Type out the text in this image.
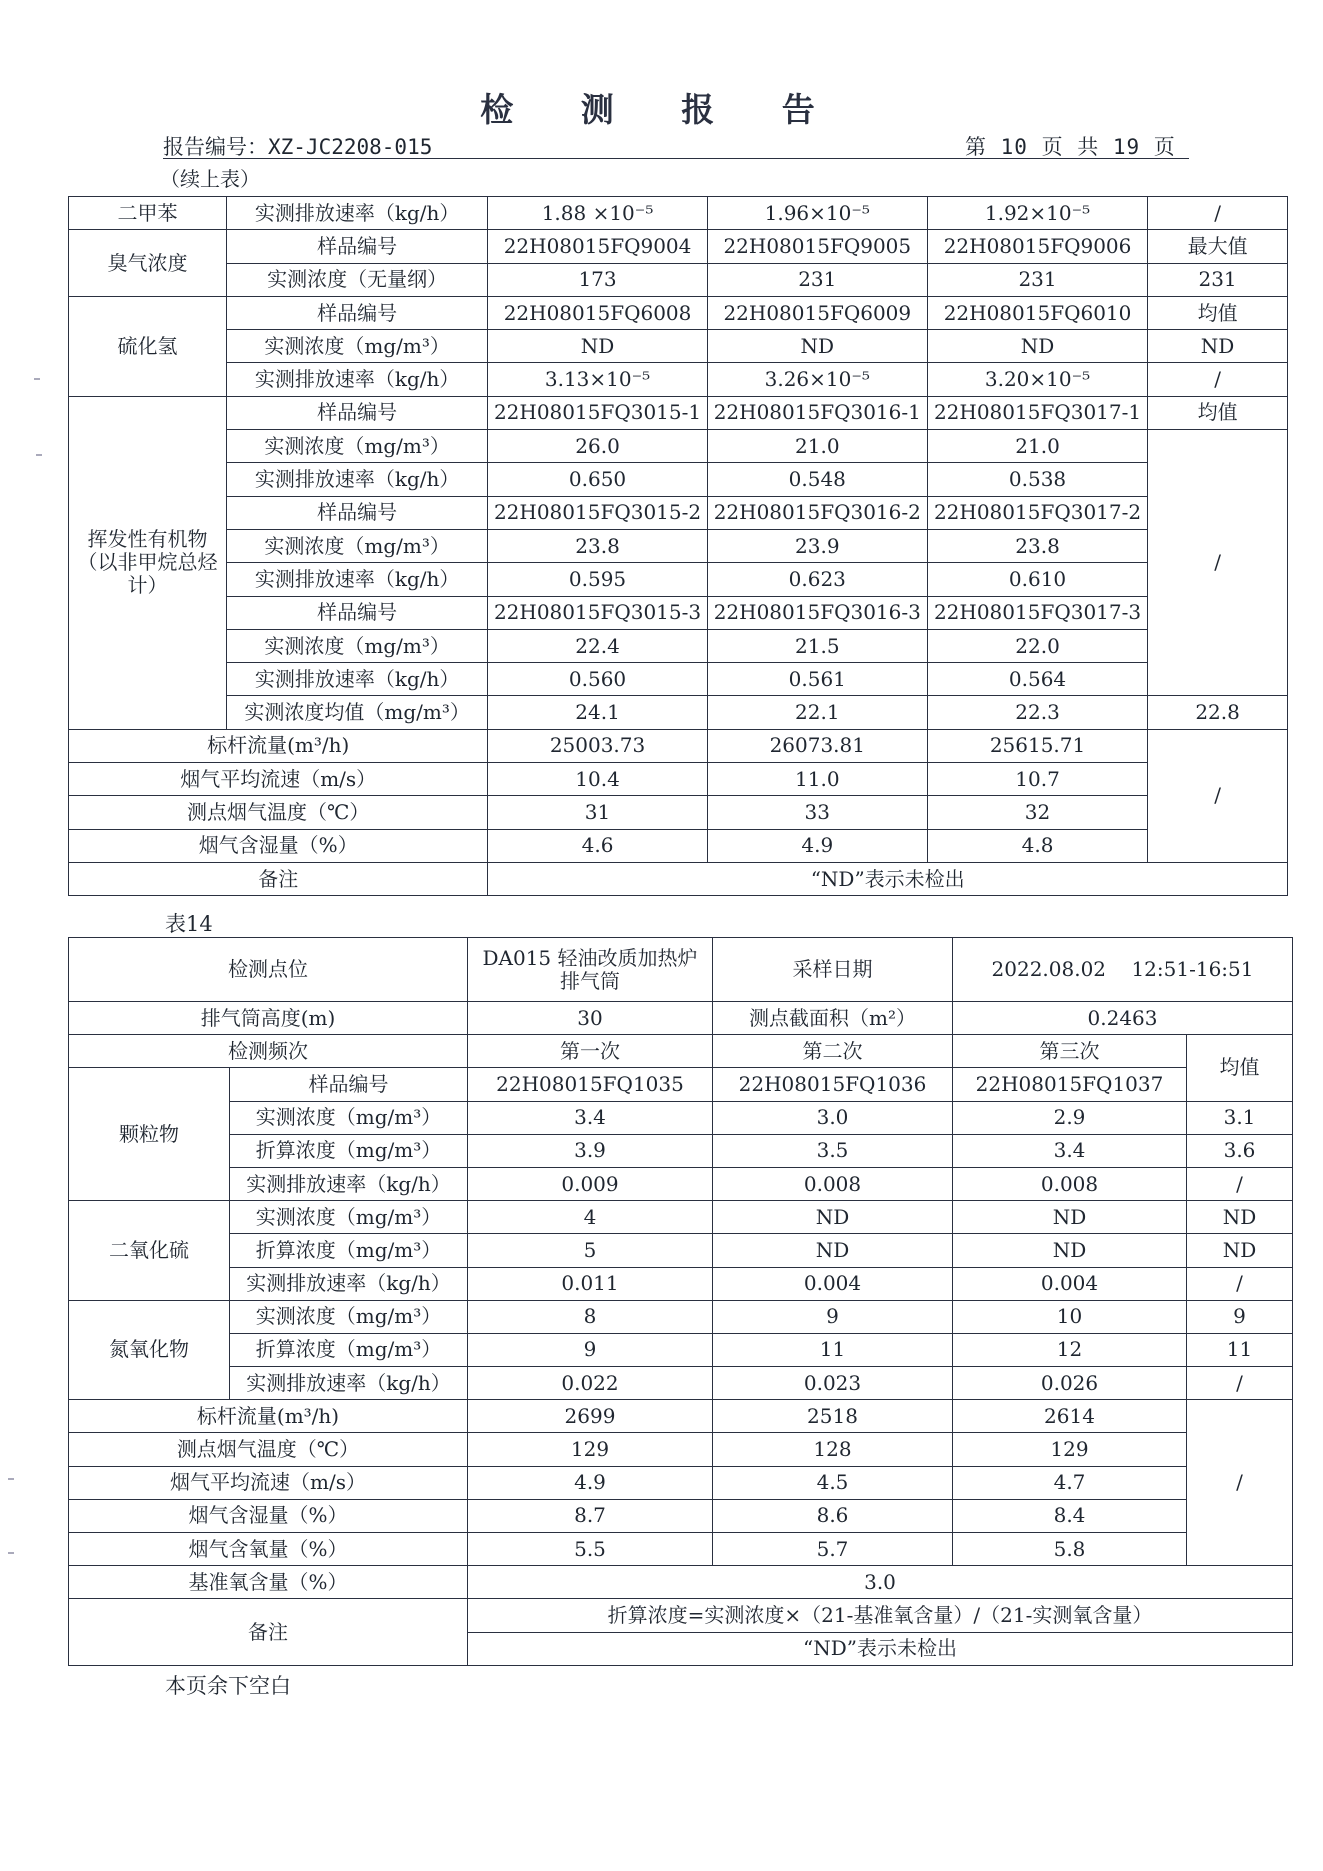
检 测 报 告
报告编号：XZ-JC2208-015	第 10 页 共 19 页
（续上表）
二甲苯	实测排放速率（kg/h）	1.88 ×10⁻⁵	1.96×10⁻⁵	1.92×10⁻⁵	/
臭气浓度	样品编号	22H08015FQ9004	22H08015FQ9005	22H08015FQ9006	最大值
	实测浓度（无量纲）	173	231	231	231
硫化氢	样品编号	22H08015FQ6008	22H08015FQ6009	22H08015FQ6010	均值
	实测浓度（mg/m³）	ND	ND	ND	ND
	实测排放速率（kg/h）	3.13×10⁻⁵	3.26×10⁻⁵	3.20×10⁻⁵	/
挥发性有机物（以非甲烷总烃计）	样品编号	22H08015FQ3015-1	22H08015FQ3016-1	22H08015FQ3017-1	均值
	实测浓度（mg/m³）	26.0	21.0	21.0	/
	实测排放速率（kg/h）	0.650	0.548	0.538	
	样品编号	22H08015FQ3015-2	22H08015FQ3016-2	22H08015FQ3017-2	
	实测浓度（mg/m³）	23.8	23.9	23.8	
	实测排放速率（kg/h）	0.595	0.623	0.610	
	样品编号	22H08015FQ3015-3	22H08015FQ3016-3	22H08015FQ3017-3	
	实测浓度（mg/m³）	22.4	21.5	22.0	
	实测排放速率（kg/h）	0.560	0.561	0.564	
	实测浓度均值（mg/m³）	24.1	22.1	22.3	22.8
标杆流量(m³/h)		25003.73	26073.81	25615.71	/
烟气平均流速（m/s）		10.4	11.0	10.7	
测点烟气温度（℃）		31	33	32	
烟气含湿量（%）		4.6	4.9	4.8	
备注		“ND”表示未检出			
表14
检测点位		DA015 轻油改质加热炉排气筒	采样日期	2022.08.02    12:51-16:51	
排气筒高度(m)		30	测点截面积（m²）	0.2463	
检测频次		第一次	第二次	第三次	均值
颗粒物	样品编号	22H08015FQ1035	22H08015FQ1036	22H08015FQ1037	
	实测浓度（mg/m³）	3.4	3.0	2.9	3.1
	折算浓度（mg/m³）	3.9	3.5	3.4	3.6
	实测排放速率（kg/h）	0.009	0.008	0.008	/
二氧化硫	实测浓度（mg/m³）	4	ND	ND	ND
	折算浓度（mg/m³）	5	ND	ND	ND
	实测排放速率（kg/h）	0.011	0.004	0.004	/
氮氧化物	实测浓度（mg/m³）	8	9	10	9
	折算浓度（mg/m³）	9	11	12	11
	实测排放速率（kg/h）	0.022	0.023	0.026	/
标杆流量(m³/h)		2699	2518	2614	/
测点烟气温度（℃）		129	128	129	
烟气平均流速（m/s）		4.9	4.5	4.7	
烟气含湿量（%）		8.7	8.6	8.4	
烟气含氧量（%）		5.5	5.7	5.8	
基准氧含量（%）		3.0			
备注		折算浓度=实测浓度×（21-基准氧含量）/（21-实测氧含量）			
		“ND”表示未检出			
本页余下空白
